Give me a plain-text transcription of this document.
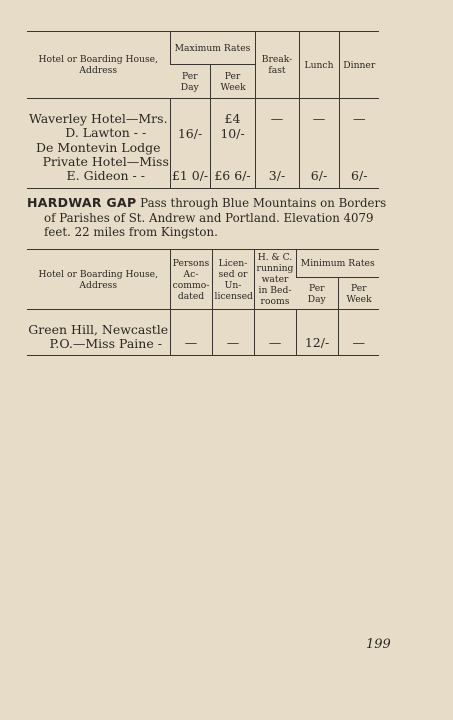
Hotel or Boarding House, Address	Maximum Rates		Break-fast	Lunch	Dinner
	Per Day	Per Week			

Waverley Hotel—Mrs.
D. Lawton - -	16/-	£4 10/-	—	—	—

De Montevin Lodge
Private Hotel—Miss
E. Gideon - -	£1 0/-	£6 6/-	3/-	6/-	6/-

HARDWAR GAP Pass through Blue Mountains on Borders
of Parishes of St. Andrew and Portland. Elevation 4079
feet. 22 miles from Kingston.
Hotel or Boarding House, Address	Persons Ac-commo-dated	Licen-sed or Un-licensed	H. & C. running water in Bed-rooms	Minimum Rates	
				Per Day	Per Week

Green Hill, Newcastle
P.O.—Miss Paine -	—	—	—	12/-	—

199
